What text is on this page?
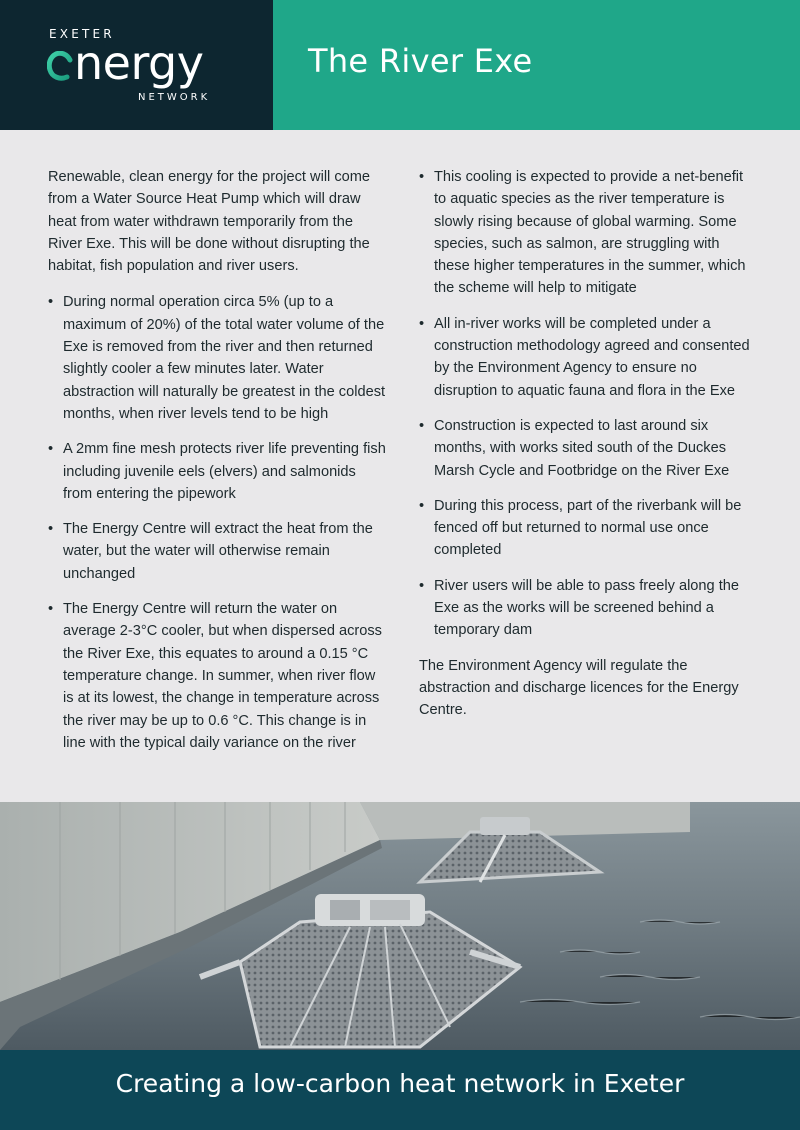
EXETER
nergy
NETWORK
The River Exe

Renewable, clean energy for the project will come from a Water Source Heat Pump which will draw heat from water withdrawn temporarily from the River Exe. This will be done without disrupting the habitat, fish population and river users.

• During normal operation circa 5% (up to a maximum of 20%) of the total water volume of the Exe is removed from the river and then returned slightly cooler a few minutes later. Water abstraction will naturally be greatest in the coldest months, when river levels tend to be high
• A 2mm fine mesh protects river life preventing fish including juvenile eels (elvers) and salmonids from entering the pipework
• The Energy Centre will extract the heat from the water, but the water will otherwise remain unchanged
• The Energy Centre will return the water on average 2-3°C cooler, but when dispersed across the River Exe, this equates to around a 0.15 °C temperature change. In summer, when river flow is at its lowest, the change in temperature across the river may be up to 0.6 °C. This change is in line with the typical daily variance on the river
• This cooling is expected to provide a net-benefit to aquatic species as the river temperature is slowly rising because of global warming. Some species, such as salmon, are struggling with these higher temperatures in the summer, which the scheme will help to mitigate
• All in-river works will be completed under a construction methodology agreed and consented by the Environment Agency to ensure no disruption to aquatic fauna and flora in the Exe
• Construction is expected to last around six months, with works sited south of the Duckes Marsh Cycle and Footbridge on the River Exe
• During this process, part of the riverbank will be fenced off but returned to normal use once completed
• River users will be able to pass freely along the Exe as the works will be screened behind a temporary dam

The Environment Agency will regulate the abstraction and discharge licences for the Energy Centre.

Creating a low-carbon heat network in Exeter
